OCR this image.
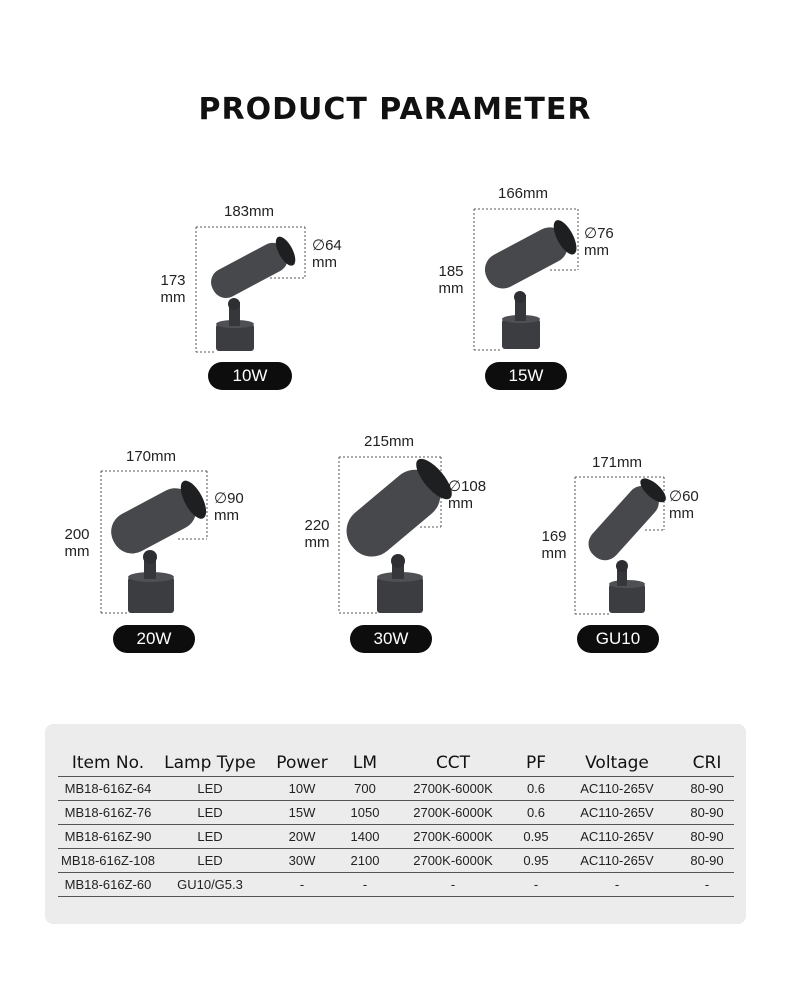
PRODUCT PARAMETER
183mm
173
mm
∅64
mm
10W
166mm
185
mm
∅76
mm
15W
170mm
200
mm
∅90
mm
20W
215mm
220
mm
∅108
mm
30W
171mm
169
mm
∅60
mm
GU10
Item No.	Lamp Type	Power	LM	CCT	PF	Voltage	CRI
MB18-616Z-64	LED	10W	700	2700K-6000K	0.6	AC110-265V	80-90
MB18-616Z-76	LED	15W	1050	2700K-6000K	0.6	AC110-265V	80-90
MB18-616Z-90	LED	20W	1400	2700K-6000K	0.95	AC110-265V	80-90
MB18-616Z-108	LED	30W	2100	2700K-6000K	0.95	AC110-265V	80-90
MB18-616Z-60	GU10/G5.3	-	-	-	-	-	-
